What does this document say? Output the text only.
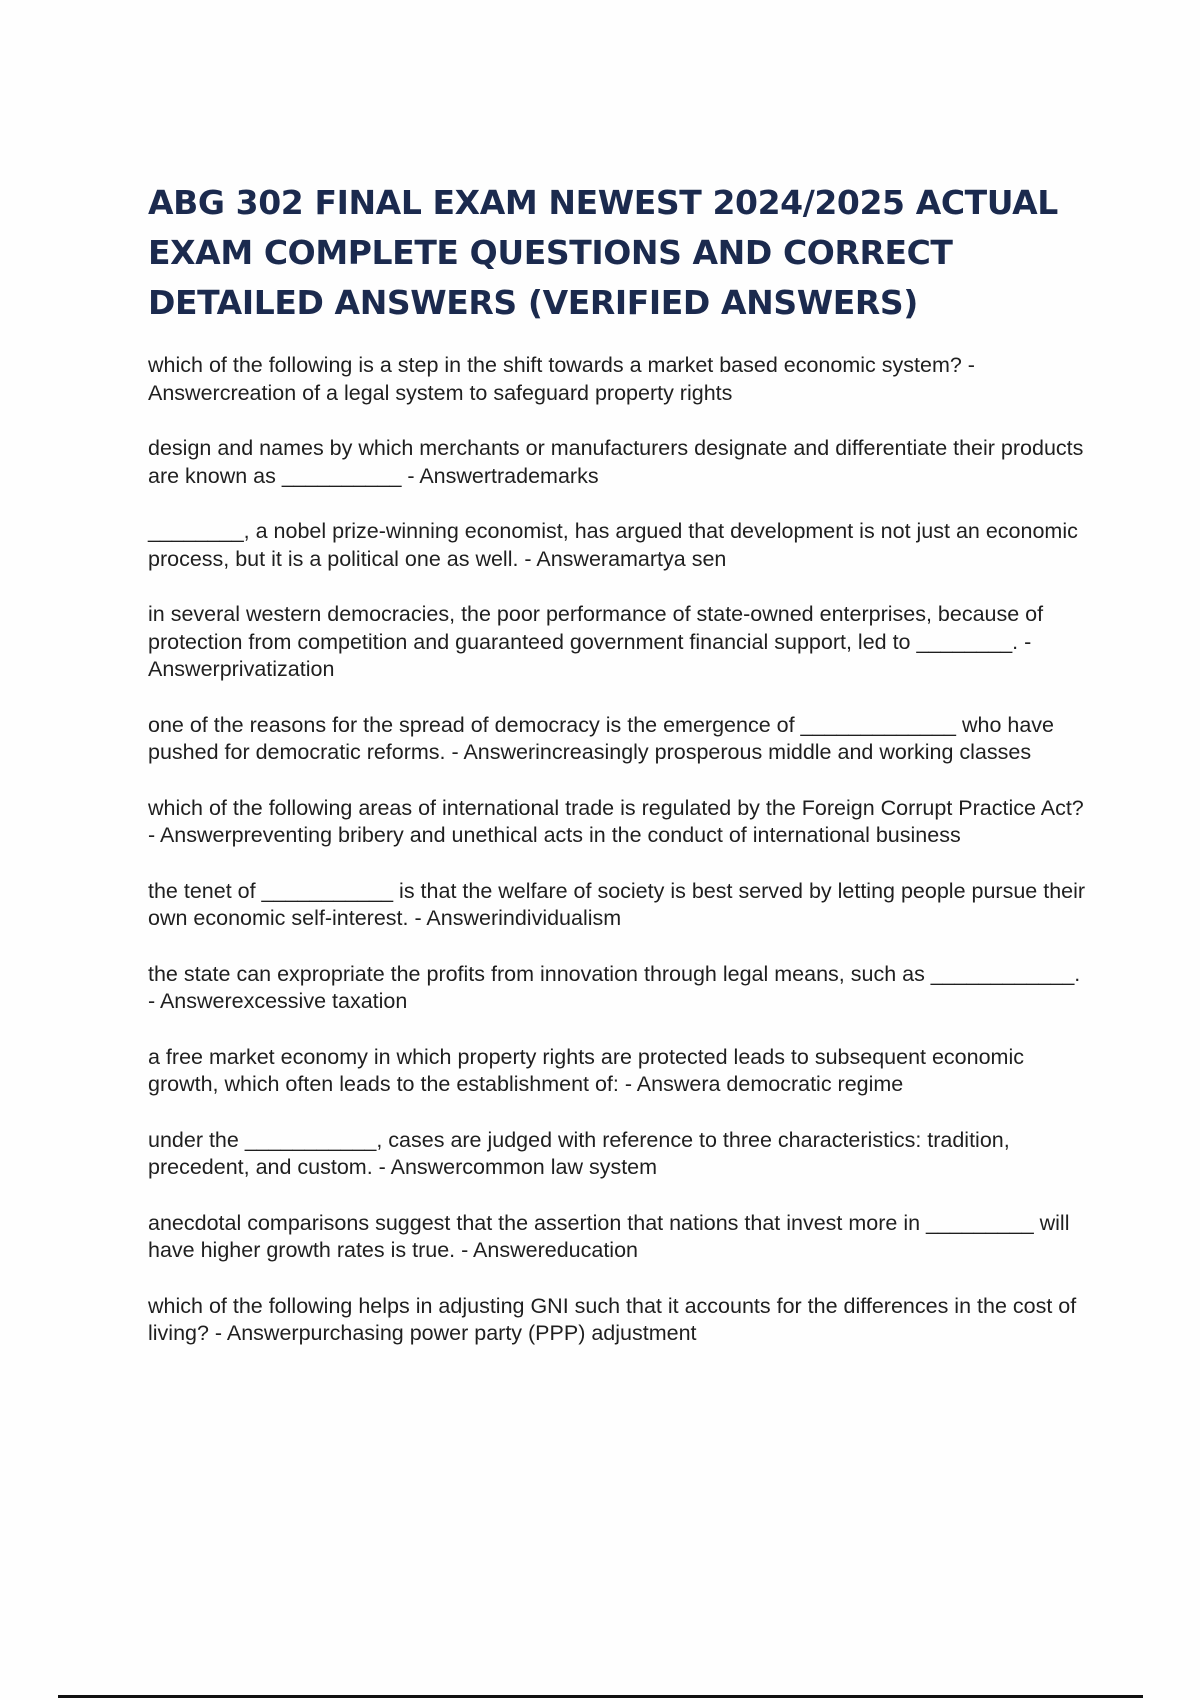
ABG 302 FINAL EXAM NEWEST 2024/2025 ACTUAL EXAM COMPLETE QUESTIONS AND CORRECT DETAILED ANSWERS (VERIFIED ANSWERS)
which of the following is a step in the shift towards a market based economic system? - Answercreation of a legal system to safeguard property rights
design and names by which merchants or manufacturers designate and differentiate their products are known as __________ - Answertrademarks
________, a nobel prize-winning economist, has argued that development is not just an economic process, but it is a political one as well. - Answeramartya sen
in several western democracies, the poor performance of state-owned enterprises, because of protection from competition and guaranteed government financial support, led to ________. - Answerprivatization
one of the reasons for the spread of democracy is the emergence of _____________ who have pushed for democratic reforms. - Answerincreasingly prosperous middle and working classes
which of the following areas of international trade is regulated by the Foreign Corrupt Practice Act? - Answerpreventing bribery and unethical acts in the conduct of international business
the tenet of ___________ is that the welfare of society is best served by letting people pursue their own economic self-interest. - Answerindividualism
the state can expropriate the profits from innovation through legal means, such as ____________. - Answerexcessive taxation
a free market economy in which property rights are protected leads to subsequent economic growth, which often leads to the establishment of: - Answera democratic regime
under the ___________, cases are judged with reference to three characteristics: tradition, precedent, and custom. - Answercommon law system
anecdotal comparisons suggest that the assertion that nations that invest more in _________ will have higher growth rates is true. - Answereducation
which of the following helps in adjusting GNI such that it accounts for the differences in the cost of living? - Answerpurchasing power party (PPP) adjustment
